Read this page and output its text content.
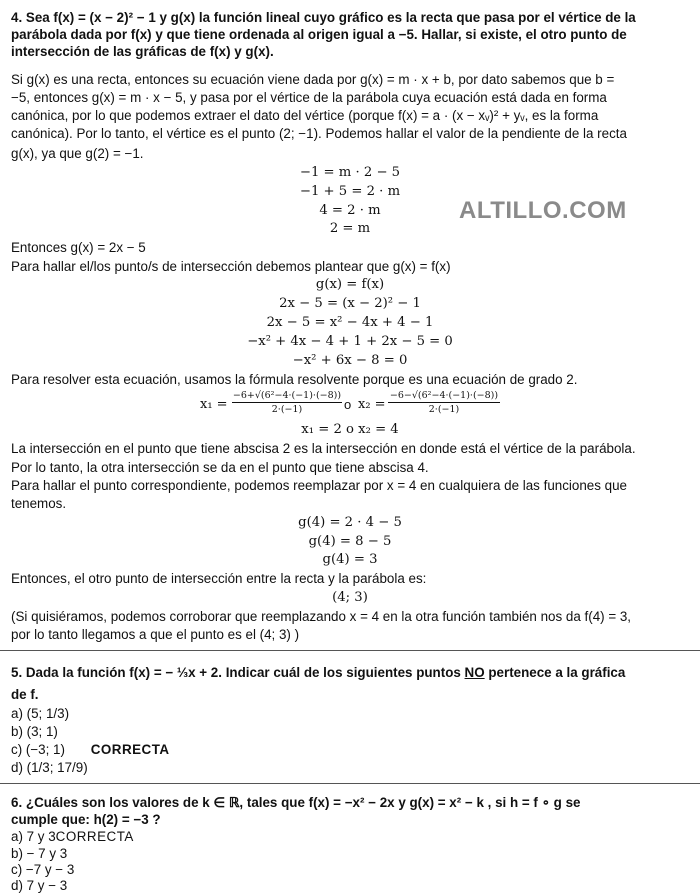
4. Sea f(x) = (x − 2)² − 1 y g(x) la función lineal cuyo gráfico es la recta que pasa por el vértice de la
parábola dada por f(x) y que tiene ordenada al origen igual a −5. Hallar, si existe, el otro punto de
intersección de las gráficas de f(x) y g(x).
Si g(x) es una recta, entonces su ecuación viene dada por g(x) = m · x + b, por dato sabemos que b =
−5, entonces g(x) = m · x − 5, y pasa por el vértice de la parábola cuya ecuación está dada en forma
canónica, por lo que podemos extraer el dato del vértice (porque f(x) = a · (x − xᵥ)² + yᵥ, es la forma
canónica). Por lo tanto, el vértice es el punto (2; −1). Podemos hallar el valor de la pendiente de la recta
g(x), ya que g(2) = −1.
−1 = m · 2 − 5
−1 + 5 = 2 · m
4 = 2 · m
2 = m
ALTILLO.COM
Entonces g(x) = 2x − 5
Para hallar el/los punto/s de intersección debemos plantear que g(x) = f(x)
g(x) = f(x)
2x − 5 = (x − 2)² − 1
2x − 5 = x² − 4x + 4 − 1
−x² + 4x − 4 + 1 + 2x − 5 = 0
−x² + 6x − 8 = 0
Para resolver esta ecuación, usamos la fórmula resolvente porque es una ecuación de grado 2.
$x_1 = \frac{\text{−6+√(6²−4·(−1)·(−8))}}{2\cdot(-1)}$ o $x_2 = \frac{\text{−6−√(6²−4·(−1)·(−8))}}{2\cdot(-1)}$
x₁ = 2 o x₂ = 4
La intersección en el punto que tiene abscisa 2 es la intersección en donde está el vértice de la parábola.
Por lo tanto, la otra intersección se da en el punto que tiene abscisa 4.
Para hallar el punto correspondiente, podemos reemplazar por x = 4 en cualquiera de las funciones que
tenemos.
g(4) = 2 · 4 − 5
g(4) = 8 − 5
g(4) = 3
Entonces, el otro punto de intersección entre la recta y la parábola es:
(4; 3)
(Si quisiéramos, podemos corroborar que reemplazando x = 4 en la otra función también nos da f(4) = 3,
por lo tanto llegamos a que el punto es el (4; 3) )
5. Dada la función f(x) = − ⅓x + 2. Indicar cuál de los siguientes puntos NO pertenece a la gráfica
de f.
a) (5; 1/3)
b) (3; 1)
c) (−3; 1) CORRECTA
d) (1/3; 17/9)
6. ¿Cuáles son los valores de k ∈ ℝ, tales que f(x) = −x² − 2x y g(x) = x² − k , si h = f ∘ g se
cumple que: h(2) = −3 ?
a) 7 y 3CORRECTA
b) − 7 y 3
c) −7 y − 3
d) 7 y − 3
